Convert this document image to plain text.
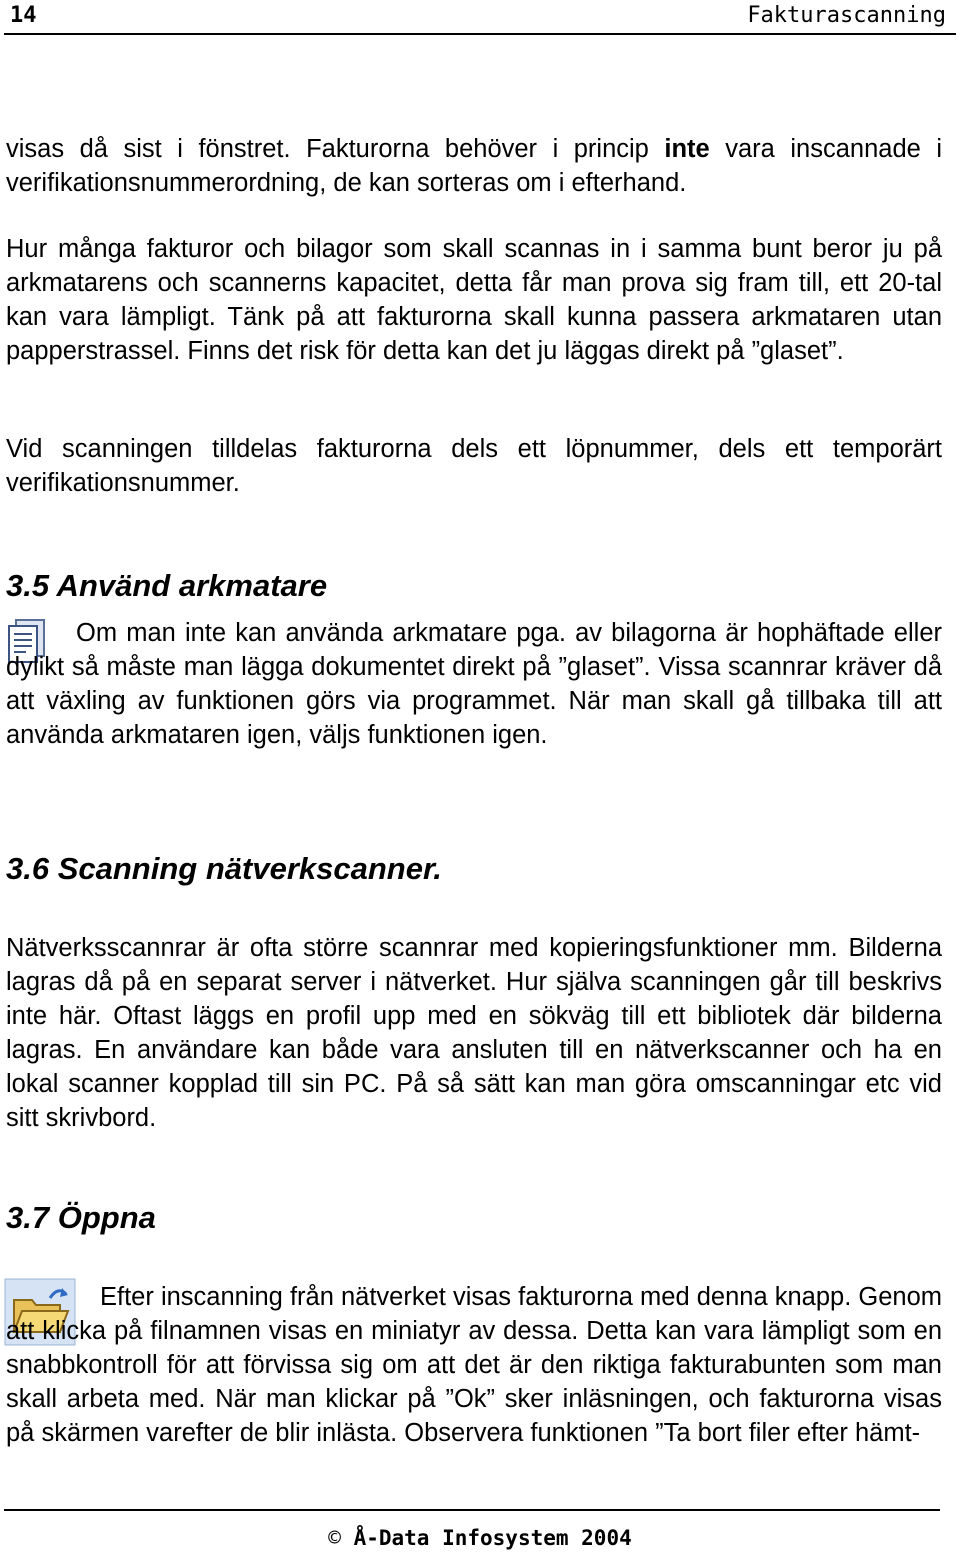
14	Fakturascanning

visas då sist i fönstret. Fakturorna behöver i princip inte vara inscannade i verifikationsnummerordning, de kan sorteras om i efterhand.

Hur många fakturor och bilagor som skall scannas in i samma bunt beror ju på arkmatarens och scannerns kapacitet, detta får man prova sig fram till, ett 20-tal kan vara lämpligt. Tänk på att fakturorna skall kunna passera arkmataren utan papperstrassel. Finns det risk för detta kan det ju läggas direkt på ”glaset”.

Vid scanningen tilldelas fakturorna dels ett löpnummer, dels ett temporärt verifikationsnummer.

3.5 Använd arkmatare

Om man inte kan använda arkmatare pga. av bilagorna är hophäftade eller dylikt så måste man lägga dokumentet direkt på ”glaset”. Vissa scannrar kräver då att växling av funktionen görs via programmet. När man skall gå tillbaka till att använda arkmataren igen, väljs funktionen igen.

3.6 Scanning nätverkscanner.

Nätverksscannrar är ofta större scannrar med kopieringsfunktioner mm. Bilderna lagras då på en separat server i nätverket. Hur själva scanningen går till beskrivs inte här. Oftast läggs en profil upp med en sökväg till ett bibliotek där bilderna lagras. En användare kan både vara ansluten till en nätverkscanner och ha en lokal scanner kopplad till sin PC. På så sätt kan man göra omscanningar etc vid sitt skrivbord.

3.7 Öppna

Efter inscanning från nätverket visas fakturorna med denna knapp. Genom att klicka på filnamnen visas en miniatyr av dessa. Detta kan vara lämpligt som en snabbkontroll för att förvissa sig om att det är den riktiga fakturabunten som man skall arbeta med. När man klickar på ”Ok” sker inläsningen, och fakturorna visas på skärmen varefter de blir inlästa. Observera funktionen ”Ta bort filer efter hämt-

© Å-Data Infosystem 2004
